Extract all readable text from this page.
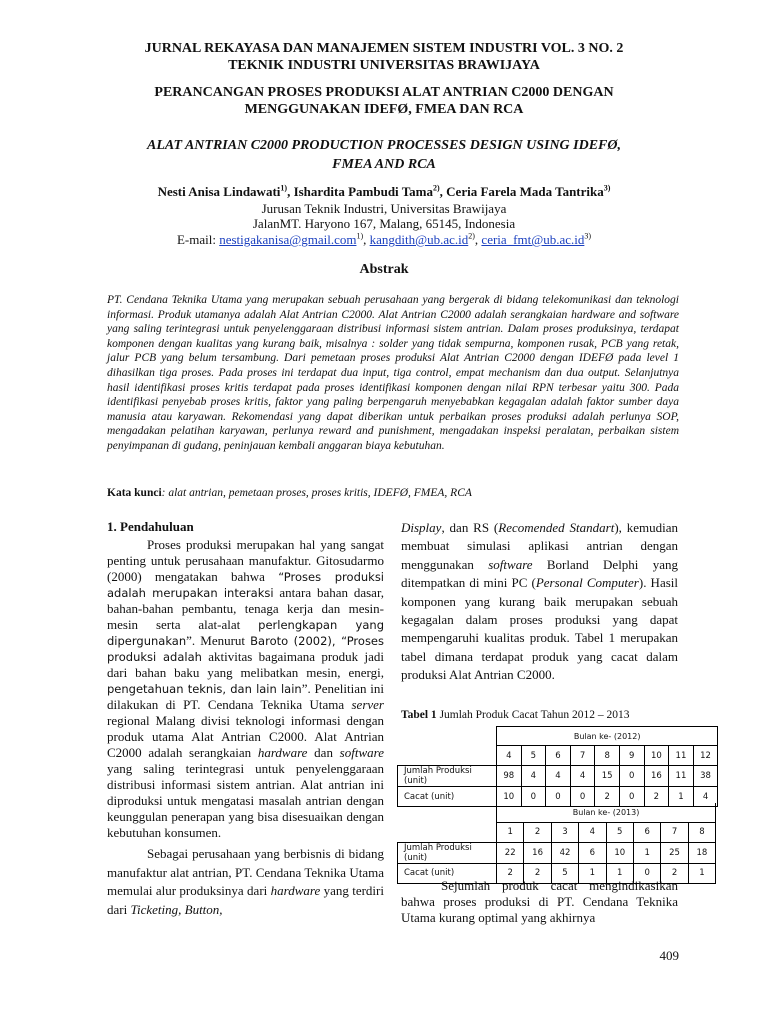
JURNAL REKAYASA DAN MANAJEMEN SISTEM INDUSTRI VOL. 3 NO. 2
TEKNIK INDUSTRI UNIVERSITAS BRAWIJAYA
PERANCANGAN PROSES PRODUKSI ALAT ANTRIAN C2000 DENGAN
MENGGUNAKAN IDEFØ, FMEA DAN RCA
ALAT ANTRIAN C2000 PRODUCTION PROCESSES DESIGN USING IDEFØ,
FMEA AND RCA
Nesti Anisa Lindawati$^{1)}$, Ishardita Pambudi Tama$^{2)}$, Ceria Farela Mada Tantrika$^{3)}$
Jurusan Teknik Industri, Universitas Brawijaya
JalanMT. Haryono 167, Malang, 65145, Indonesia
E-mail: nestigakanisa@gmail.com$^{1)}$, $kangdith@ub.ac.id^{2)}$, $ceria\_fmt@ub.ac.id^{3)}$
Abstrak

PT. Cendana Teknika Utama yang merupakan sebuah perusahaan yang bergerak di bidang telekomunikasi dan teknologi informasi. Produk utamanya adalah Alat Antrian C2000. Alat Antrian C2000 adalah serangkaian hardware and software yang saling terintegrasi untuk penyelenggaraan distribusi informasi sistem antrian. Dalam proses produksinya, terdapat komponen dengan kualitas yang kurang baik, misalnya : solder yang tidak sempurna, komponen rusak, PCB yang retak, jalur PCB yang belum tersambung. Dari pemetaan proses produksi Alat Antrian C2000 dengan IDEFØ pada level 1 dihasilkan tiga proses. Pada proses ini terdapat dua input, tiga control, empat mechanism dan dua output. Selanjutnya hasil identifikasi proses kritis terdapat pada proses identifikasi komponen dengan nilai RPN terbesar yaitu 300. Pada identifikasi penyebab proses kritis, faktor yang paling berpengaruh menyebabkan kegagalan adalah faktor sumber daya manusia atau karyawan. Rekomendasi yang dapat diberikan untuk perbaikan proses produksi adalah perlunya SOP, mengadakan pelatihan karyawan, perlunya reward and punishment, mengadakan inspeksi peralatan, perbaikan sistem penyimpanan di gudang, peninjauan kembali anggaran biaya kebutuhan.

Kata kunci: alat antrian, pemetaan proses, proses kritis, IDEFØ, FMEA, RCA

1. Pendahuluan

Proses produksi merupakan hal yang sangat penting untuk perusahaan manufaktur. Gitosudarmo (2000) mengatakan bahwa “Proses produksi adalah merupakan interaksi antara bahan dasar, bahan-bahan pembantu, tenaga kerja dan mesin-mesin serta alat-alat perlengkapan yang dipergunakan”. Menurut Baroto (2002), “Proses produksi adalah aktivitas bagaimana produk jadi dari bahan baku yang melibatkan mesin, energi, pengetahuan teknis, dan lain lain”. Penelitian ini dilakukan di PT. Cendana Teknika Utama server regional Malang divisi teknologi informasi dengan produk utama Alat Antrian C2000. Alat Antrian C2000 adalah serangkaian hardware dan software yang saling terintegrasi untuk penyelenggaraan distribusi informasi sistem antrian. Alat antrian ini diproduksi untuk mengatasi masalah antrian dengan keunggulan penerapan yang bisa disesuaikan dengan kebutuhan konsumen.

Sebagai perusahaan yang berbisnis di bidang manufaktur alat antrian, PT. Cendana Teknika Utama memulai alur produksinya dari hardware yang terdiri dari Ticketing, Button,

Display, dan RS (Recomended Standart), kemudian membuat simulasi aplikasi antrian dengan menggunakan software Borland Delphi yang ditempatkan di mini PC (Personal Computer). Hasil komponen yang kurang baik merupakan sebuah kegagalan dalam proses produksi yang dapat mempengaruhi kualitas produk. Tabel 1 merupakan tabel dimana terdapat produk yang cacat dalam produksi Alat Antrian C2000.

Tabel 1 Jumlah Produk Cacat Tahun 2012 – 2013
	Bulan ke- (2012)								
	4	5	6	7	8	9	10	11	12
Jumlah Produksi (unit)	98	4	4	4	15	0	16	11	38
Cacat (unit)	10	0	0	0	2	0	2	1	4
	Bulan ke- (2013)							
	1	2	3	4	5	6	7	8
Jumlah Produksi (unit)	22	16	42	6	10	1	25	18
Cacat (unit)	2	2	5	1	1	0	2	1

Sejumlah produk cacat mengindikasikan bahwa proses produksi di PT. Cendana Teknika Utama kurang optimal yang akhirnya

409
